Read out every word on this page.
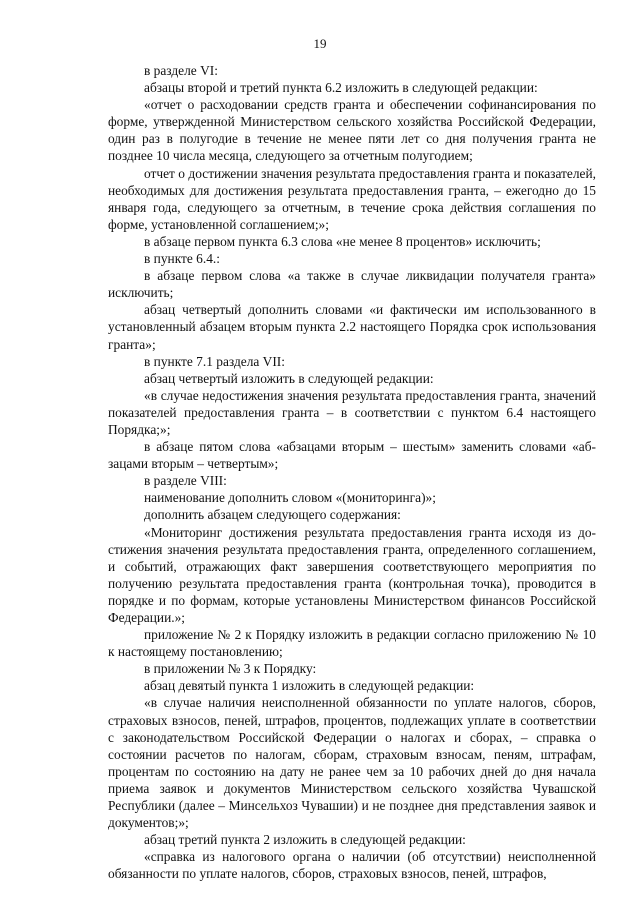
19

в разделе VI:

абзацы второй и третий пункта 6.2 изложить в следующей редакции:

«отчет о расходовании средств гранта и обеспечении софинансирования по форме, утвержденной Министерством сельского хозяйства Российской Федерации, один раз в полугодие в течение не менее пяти лет со дня получения гранта не позднее 10 числа месяца, следующего за отчетным полугодием;

отчет о достижении значения результата предоставления гранта и показателей, необходимых для достижения результата предоставления гранта, – ежегодно до 15 января года, следующего за отчетным, в течение срока действия соглашения по форме, установленной соглашением;»;

в абзаце первом пункта 6.3 слова «не менее 8 процентов» исключить;

в пункте 6.4.:

в абзаце первом слова «а также в случае ликвидации получателя гранта» исключить;

абзац четвертый дополнить словами «и фактически им использованного в установленный абзацем вторым пункта 2.2 настоящего Порядка срок использования гранта»;

в пункте 7.1 раздела VII:

абзац четвертый изложить в следующей редакции:

«в случае недостижения значения результата предоставления гранта, значений показателей предоставления гранта – в соответствии с пунктом 6.4 настоящего Порядка;»;

в абзаце пятом слова «абзацами вторым – шестым» заменить словами «абзацами вторым – четвертым»;

в разделе VIII:

наименование дополнить словом «(мониторинга)»;

дополнить абзацем следующего содержания:

«Мониторинг достижения результата предоставления гранта исходя из достижения значения результата предоставления гранта, определенного соглашением, и событий, отражающих факт завершения соответствующего мероприятия по получению результата предоставления гранта (контрольная точка), проводится в порядке и по формам, которые установлены Министерством финансов Российской Федерации.»;

приложение № 2 к Порядку изложить в редакции согласно приложению № 10 к настоящему постановлению;

в приложении № 3 к Порядку:

абзац девятый пункта 1 изложить в следующей редакции:

«в случае наличия неисполненной обязанности по уплате налогов, сборов, страховых взносов, пеней, штрафов, процентов, подлежащих уплате в соответствии с законодательством Российской Федерации о налогах и сборах, – справка о состоянии расчетов по налогам, сборам, страховым взносам, пеням, штрафам, процентам по состоянию на дату не ранее чем за 10 рабочих дней до дня начала приема заявок и документов Министерством сельского хозяйства Чувашской Республики (далее – Минсельхоз Чувашии) и не позднее дня представления заявок и документов;»;

абзац третий пункта 2 изложить в следующей редакции:

«справка из налогового органа о наличии (об отсутствии) неисполненной обязанности по уплате налогов, сборов, страховых взносов, пеней, штрафов,
